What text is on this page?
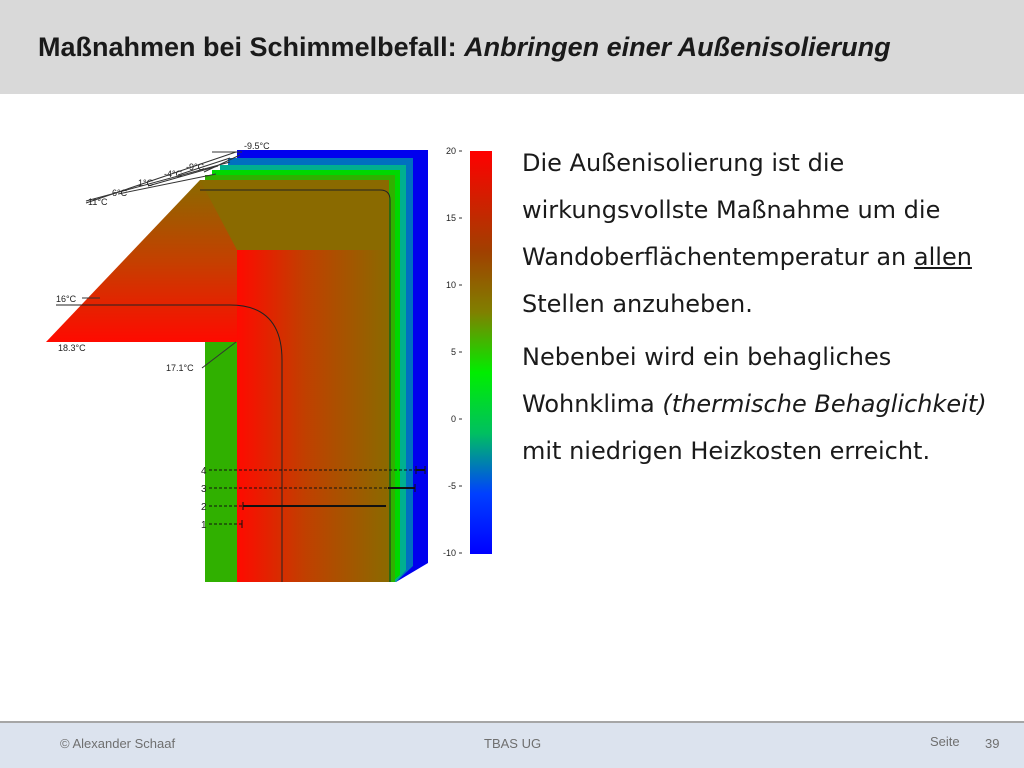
Maßnahmen bei Schimmelbefall: Anbringen einer Außenisolierung
-9.5°C
-9°C
-4°C
1°C
6°C
11°C
16°C
18.3°C
17.1°C
4
3
2
1
20
15
10
5
0
-5
-10

Die Außenisolierung ist die wirkungsvollste Maßnahme um die Wandoberflächentemperatur an allen Stellen anzuheben.

Nebenbei wird ein behagliches Wohnklima (thermische Behaglichkeit) mit niedrigen Heizkosten erreicht.

© Alexander Schaaf	TBAS UG	Seite 39
